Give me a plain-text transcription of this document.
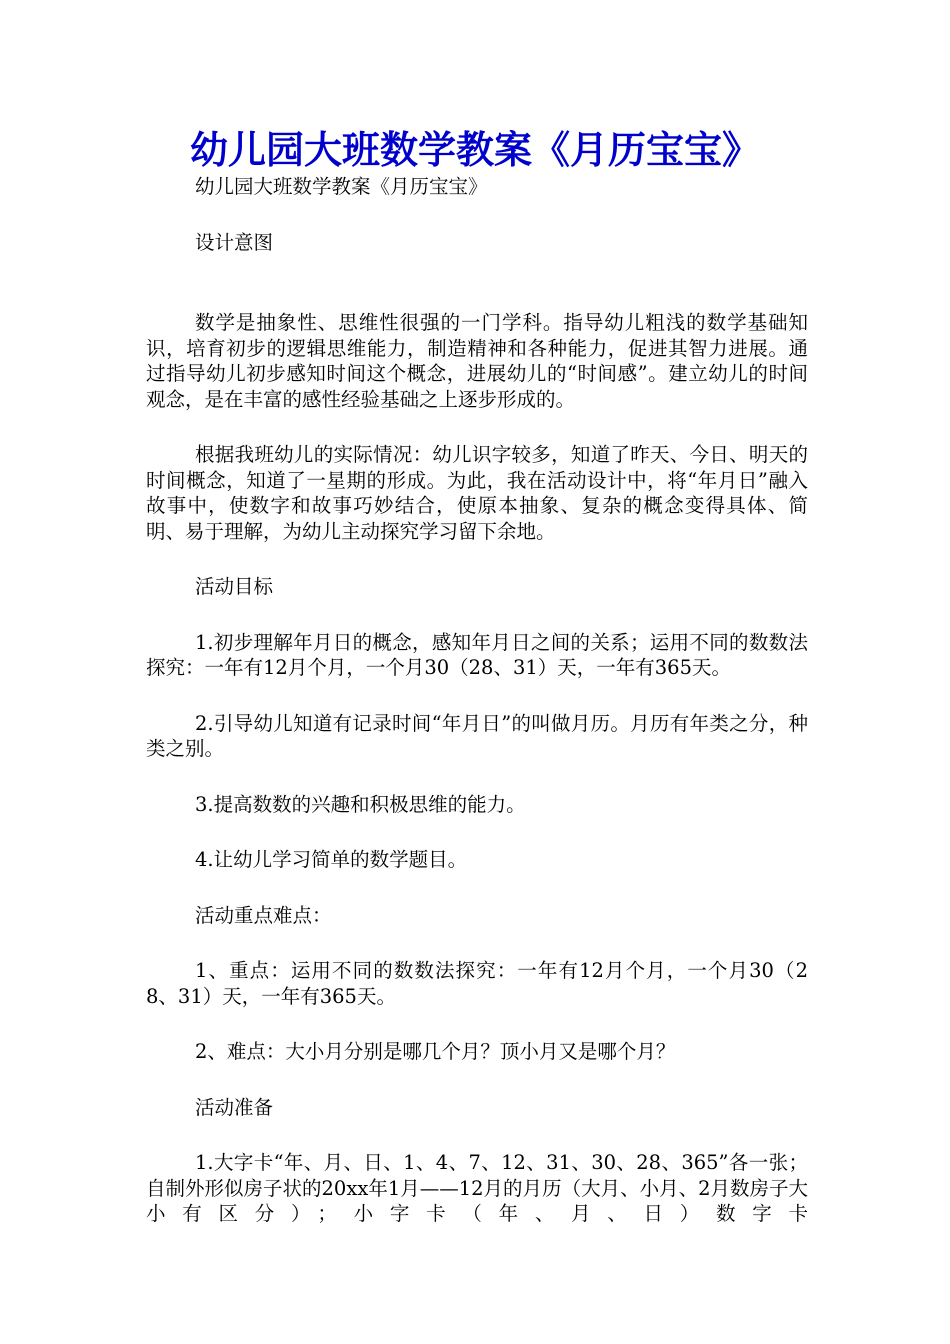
幼儿园大班数学教案《月历宝宝》

幼儿园大班数学教案《月历宝宝》

设计意图

数学是抽象性、思维性很强的一门学科。指导幼儿粗浅的数学基础知识，培育初步的逻辑思维能力，制造精神和各种能力，促进其智力进展。通过指导幼儿初步感知时间这个概念，进展幼儿的“时间感”。建立幼儿的时间观念，是在丰富的感性经验基础之上逐步形成的。

根据我班幼儿的实际情况：幼儿识字较多，知道了昨天、今日、明天的时间概念，知道了一星期的形成。为此，我在活动设计中，将“年月日”融入故事中，使数字和故事巧妙结合，使原本抽象、复杂的概念变得具体、简明、易于理解，为幼儿主动探究学习留下余地。

活动目标

1.初步理解年月日的概念，感知年月日之间的关系；运用不同的数数法探究：一年有12月个月，一个月30（28、31）天，一年有365天。

2.引导幼儿知道有记录时间“年月日”的叫做月历。月历有年类之分，种类之别。

3.提高数数的兴趣和积极思维的能力。

4.让幼儿学习简单的数学题目。

活动重点难点：

1、重点：运用不同的数数法探究：一年有12月个月，一个月30（28、31）天，一年有365天。

2、难点：大小月分别是哪几个月？顶小月又是哪个月？

活动准备

1.大字卡“年、月、日、1、4、7、12、31、30、28、365”各一张；自制外形似房子状的20xx年1月——12月的月历（大月、小月、2月数房子大小有区分）；小字卡（年、月、日）数字卡
